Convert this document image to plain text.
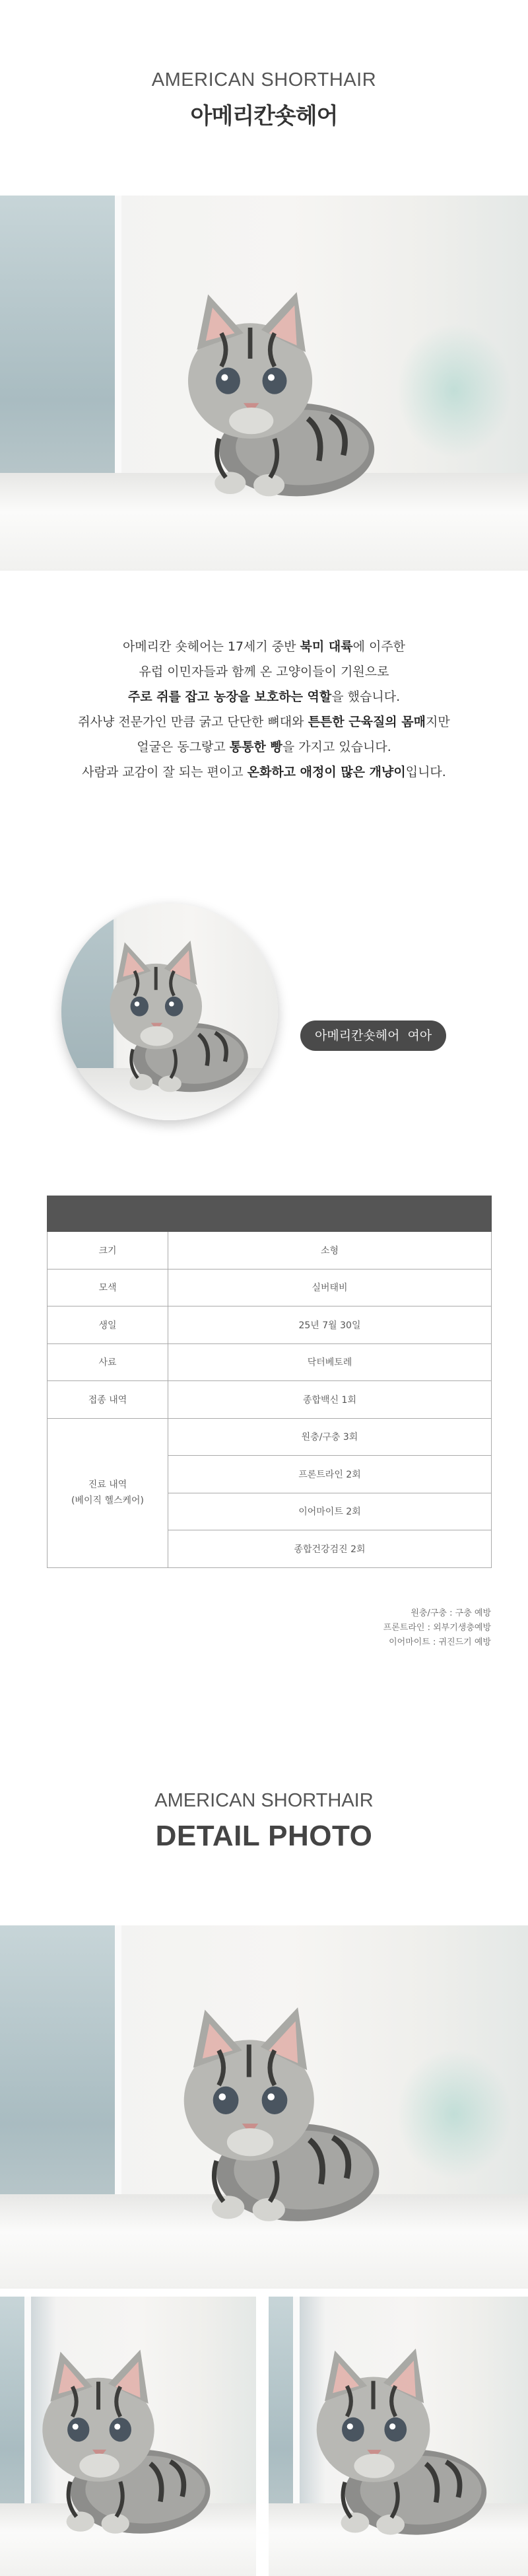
AMERICAN SHORTHAIR
아메리칸숏헤어
아메리칸 숏헤어는 17세기 중반 북미 대륙에 이주한
유럽 이민자들과 함께 온 고양이들이 기원으로
주로 쥐를 잡고 농장을 보호하는 역할을 했습니다.
쥐사냥 전문가인 만큼 굵고 단단한 뼈대와 튼튼한 근육질의 몸매지만
얼굴은 동그랗고 통통한 빵을 가지고 있습니다.
사람과 교감이 잘 되는 편이고 온화하고 애정이 많은 개냥이입니다.
아메리칸숏헤어 여아

크기	소형
모색	실버태비
생일	25년 7월 30일
사료	닥터베토레
접종 내역	종합백신 1회

진료 내역
(베이직 헬스케어)	원충/구충 3회
	프론트라인 2회
	이어마이트 2회
	종합건강검진 2회
원충/구충 : 구충 예방
프론트라인 : 외부기생충예방
이어마이트 : 귀진드기 예방
AMERICAN SHORTHAIR
DETAIL PHOTO
